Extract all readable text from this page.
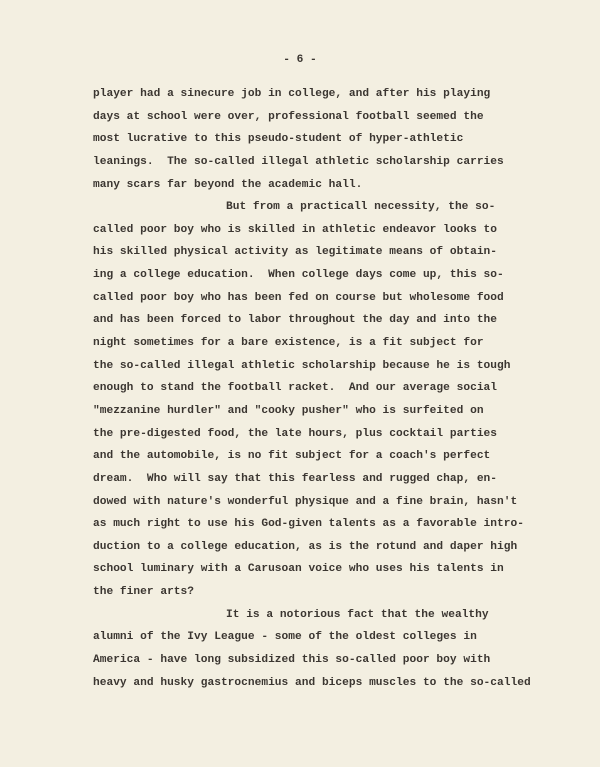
- 6 -
player had a sinecure job in college, and after his playing
days at school were over, professional football seemed the
most lucrative to this pseudo-student of hyper-athletic
leanings.  The so-called illegal athletic scholarship carries
many scars far beyond the academic hall.
But from a practicall necessity, the so-
called poor boy who is skilled in athletic endeavor looks to
his skilled physical activity as legitimate means of obtain-
ing a college education.  When college days come up, this so-
called poor boy who has been fed on course but wholesome food
and has been forced to labor throughout the day and into the
night sometimes for a bare existence, is a fit subject for
the so-called illegal athletic scholarship because he is tough
enough to stand the football racket.  And our average social
"mezzanine hurdler" and "cooky pusher" who is surfeited on
the pre-digested food, the late hours, plus cocktail parties
and the automobile, is no fit subject for a coach's perfect
dream.  Who will say that this fearless and rugged chap, en-
dowed with nature's wonderful physique and a fine brain, hasn't
as much right to use his God-given talents as a favorable intro-
duction to a college education, as is the rotund and daper high
school luminary with a Carusoan voice who uses his talents in
the finer arts?
It is a notorious fact that the wealthy
alumni of the Ivy League - some of the oldest colleges in
America - have long subsidized this so-called poor boy with
heavy and husky gastrocnemius and biceps muscles to the so-called
